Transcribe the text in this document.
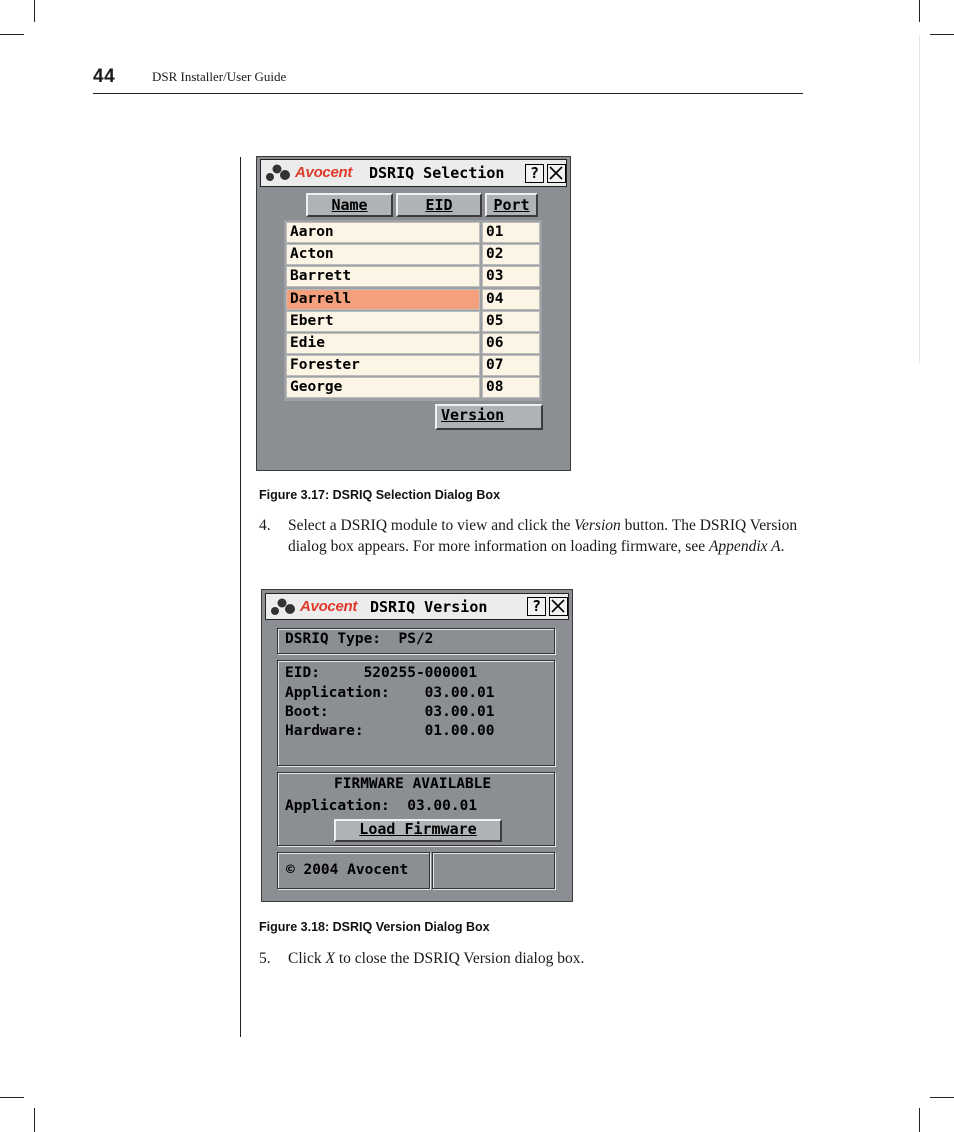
44	DSR Installer/User Guide
Avocent DSRIQ Selection	?
Name	EID	Port
Aaron	01
Acton	02
Barrett	03
Darrell	04
Ebert	05
Edie	06
Forester	07
George	08
Version
Figure 3.17: DSRIQ Selection Dialog Box
4. Select a DSRIQ module to view and click the Version button. The DSRIQ Version dialog box appears. For more information on loading firmware, see Appendix A.
Avocent DSRIQ Version	?
DSRIQ Type:  PS/2
EID:     520255-000001
Application:    03.00.01
Boot:           03.00.01
Hardware:       01.00.00
FIRMWARE AVAILABLE
Application:  03.00.01
Load Firmware
© 2004 Avocent
Figure 3.18: DSRIQ Version Dialog Box
5. Click X to close the DSRIQ Version dialog box.
